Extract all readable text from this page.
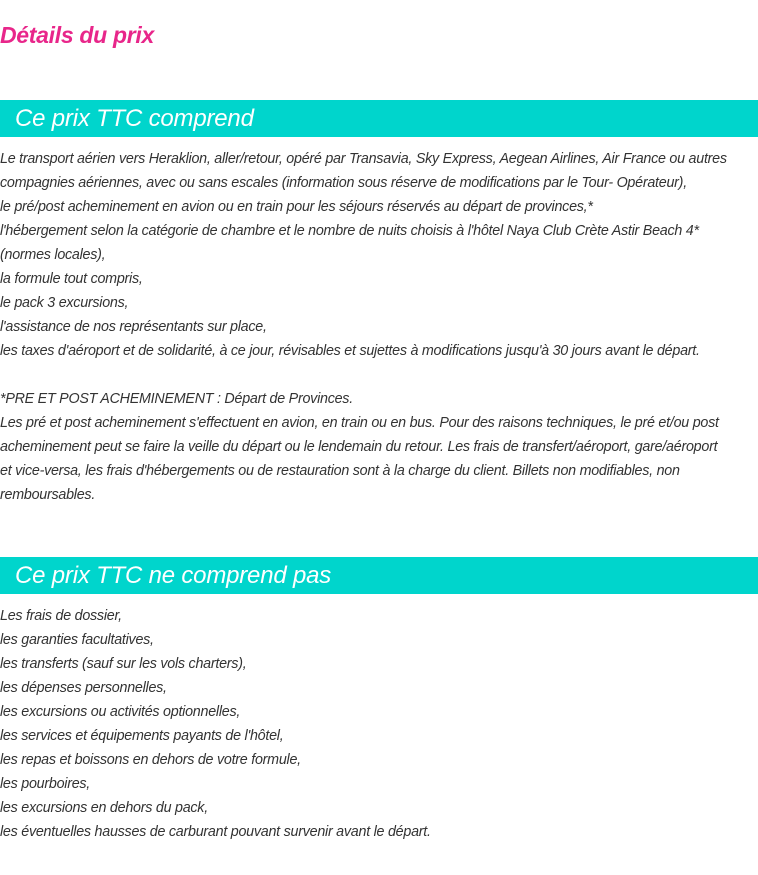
Détails du prix
Ce prix TTC comprend
Le transport aérien vers Heraklion, aller/retour, opéré par Transavia, Sky Express, Aegean Airlines, Air France ou autres
compagnies aériennes, avec ou sans escales (information sous réserve de modifications par le Tour- Opérateur),
le pré/post acheminement en avion ou en train pour les séjours réservés au départ de provinces,*
l'hébergement selon la catégorie de chambre et le nombre de nuits choisis à l'hôtel Naya Club Crète Astir Beach 4*
(normes locales),
la formule tout compris,
le pack 3 excursions,
l'assistance de nos représentants sur place,
les taxes d'aéroport et de solidarité, à ce jour, révisables et sujettes à modifications jusqu'à 30 jours avant le départ.
*PRE ET POST ACHEMINEMENT : Départ de Provinces.
Les pré et post acheminement s'effectuent en avion, en train ou en bus. Pour des raisons techniques, le pré et/ou post
acheminement peut se faire la veille du départ ou le lendemain du retour. Les frais de transfert/aéroport, gare/aéroport
et vice-versa, les frais d'hébergements ou de restauration sont à la charge du client. Billets non modifiables, non
remboursables.
Ce prix TTC ne comprend pas
Les frais de dossier,
les garanties facultatives,
les transferts (sauf sur les vols charters),
les dépenses personnelles,
les excursions ou activités optionnelles,
les services et équipements payants de l'hôtel,
les repas et boissons en dehors de votre formule,
les pourboires,
les excursions en dehors du pack,
les éventuelles hausses de carburant pouvant survenir avant le départ.
